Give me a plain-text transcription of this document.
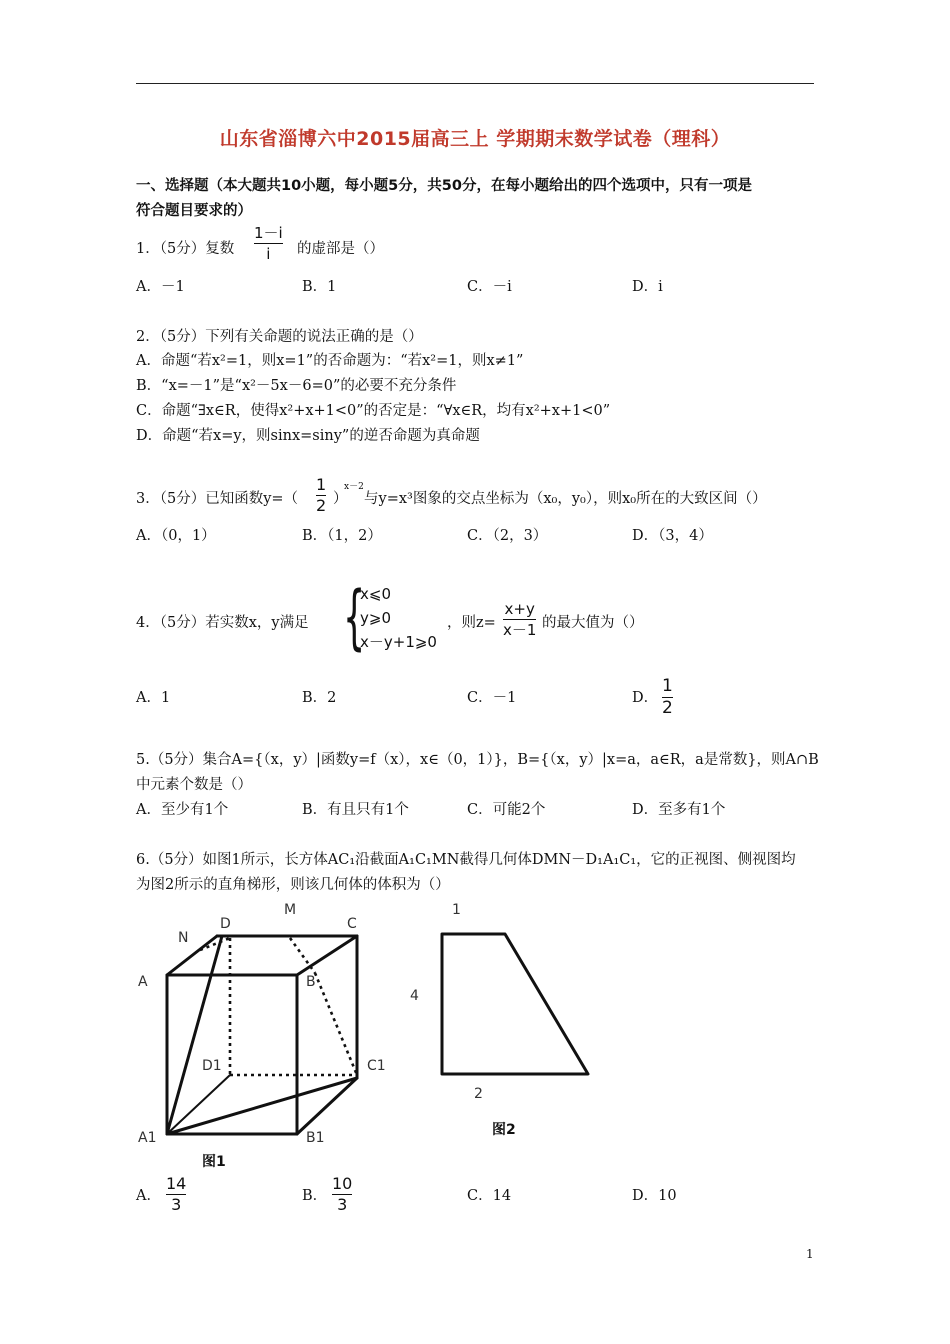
山东省淄博六中2015届高三上 学期期末数学试卷（理科）
一、选择题（本大题共10小题，每小题5分，共50分，在每小题给出的四个选项中，只有一项是
符合题目要求的）
1．（5分）复数
1－i
i 的虚部是（）
A．－1	B．1	C．－i	D．i
2．（5分）下列有关命题的说法正确的是（）
A．命题“若x²=1，则x=1”的否命题为：“若x²=1，则x≠1”
B．“x=－1”是“x²－5x－6=0”的必要不充分条件
C．命题“∃x∈R，使得x²+x+1<0”的否定是：“∀x∈R，均有x²+x+1<0”
D．命题“若x=y，则sinx=siny”的逆否命题为真命题
3．（5分）已知函数y=（
1
2 ）
x－2
与y=x³图象的交点坐标为（x₀，y₀），则x₀所在的大致区间（）
A．（0，1）	B．（1，2）	C．（2，3）	D．（3，4）
4．（5分）若实数x，y满足 {
x⩽0
y⩾0
x－y+1⩾0
，则z=
x+y
x－1 的最大值为（）
A．1	B．2	C．－1	D．
1
2
5.（5分）集合A={（x，y）|函数y=f（x），x∈（0，1）}，B={（x，y）|x=a，a∈R，a是常数}，则A∩B
中元素个数是（）
A．至少有1个	B．有且只有1个	C．可能2个	D．至多有1个
6.（5分）如图1所示，长方体AC₁沿截面A₁C₁MN截得几何体DMN－D₁A₁C₁，它的正视图、侧视图均
为图2所示的直角梯形，则该几何体的体积为（）
N
D
M
C
A	B
D1	C1
A1	B1
图1
1
4
2
图2
A．
14
3	B．
10
3	C．14	D．10
1
